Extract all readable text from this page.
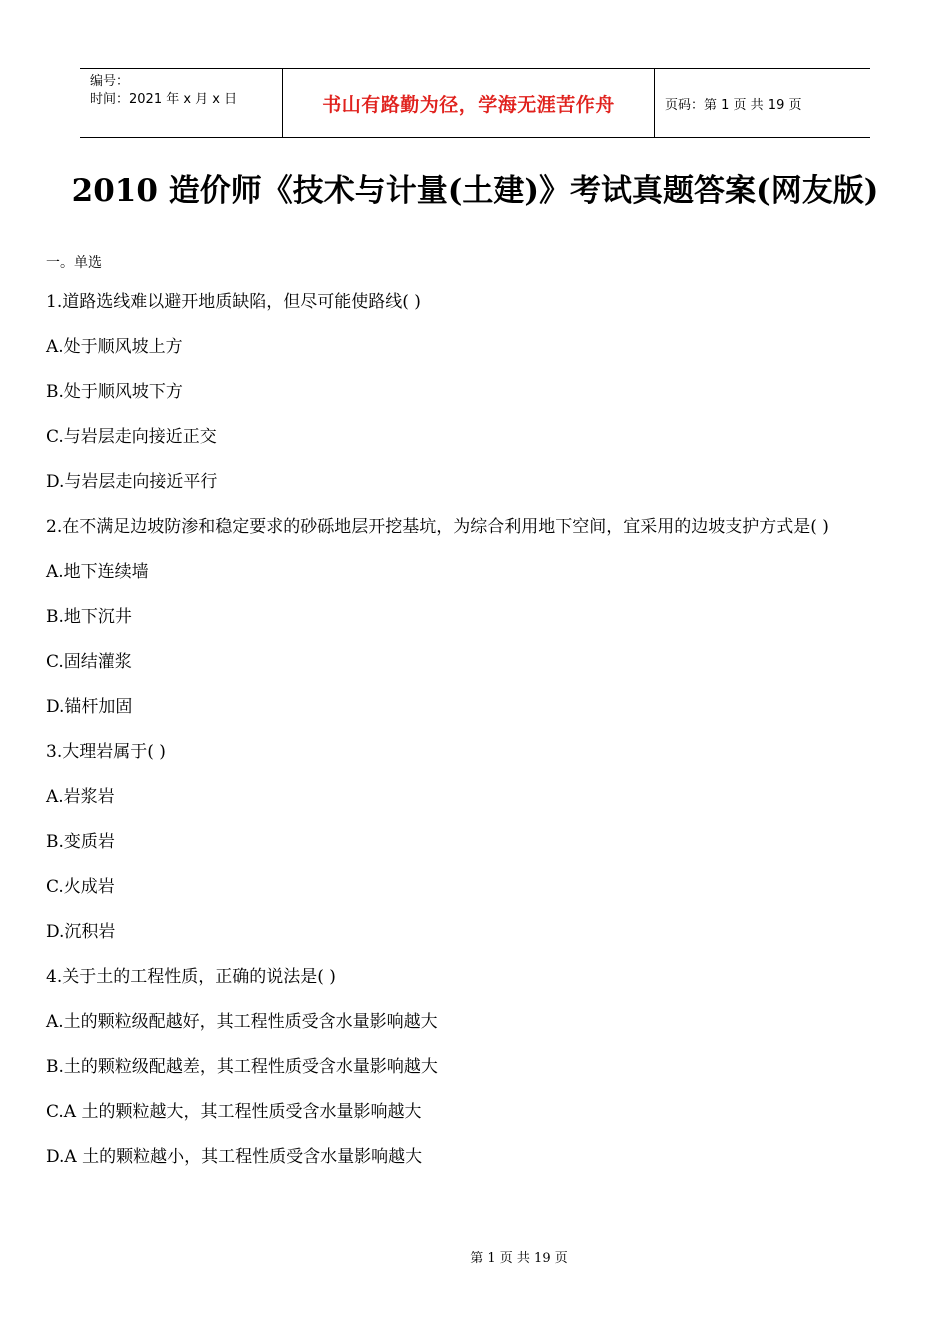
编号：
时间：2021 年 x 月 x 日	书山有路勤为径，学海无涯苦作舟	页码：第 1 页 共 19 页
2010 造价师《技术与计量(土建)》考试真题答案(网友版)
一。单选

1.道路选线难以避开地质缺陷，但尽可能使路线( )

A.处于顺风坡上方

B.处于顺风坡下方

C.与岩层走向接近正交

D.与岩层走向接近平行

2.在不满足边坡防渗和稳定要求的砂砾地层开挖基坑，为综合利用地下空间，宜采用的边坡支护方式是( )

A.地下连续墙

B.地下沉井

C.固结灌浆

D.锚杆加固

3.大理岩属于( )

A.岩浆岩

B.变质岩

C.火成岩

D.沉积岩

4.关于土的工程性质，正确的说法是( )

A.土的颗粒级配越好，其工程性质受含水量影响越大

B.土的颗粒级配越差，其工程性质受含水量影响越大

C.A 土的颗粒越大，其工程性质受含水量影响越大

D.A 土的颗粒越小，其工程性质受含水量影响越大

第 1 页 共 19 页
